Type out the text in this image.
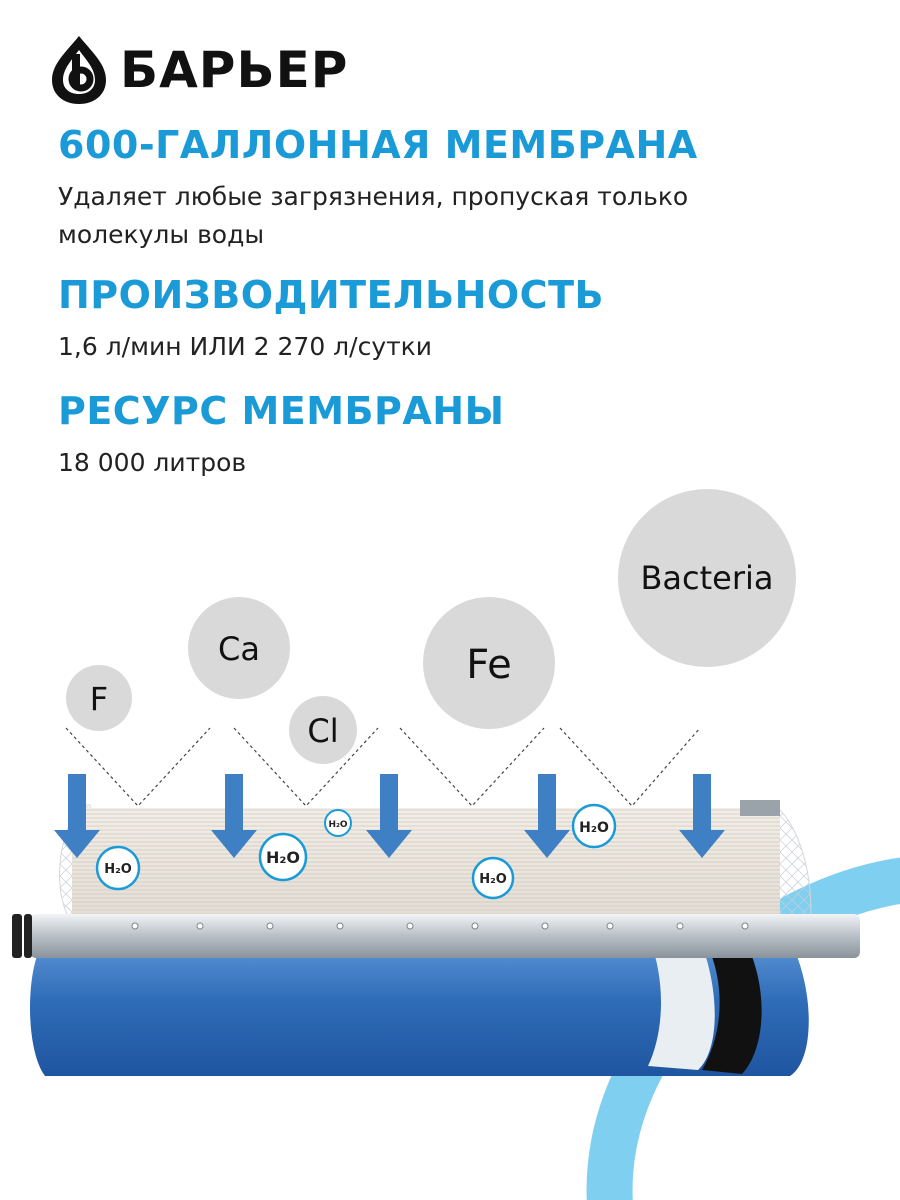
БАРЬЕР
600-ГАЛЛОННАЯ МЕМБРАНА

Удаляет любые загрязнения, пропуская только молекулы воды

ПРОИЗВОДИТЕЛЬНОСТЬ

1,6 л/мин ИЛИ 2 270 л/сутки

РЕСУРС МЕМБРАНЫ

18 000 литров

F
Ca
Cl
Fe
Bacteria
H₂O
H₂O
H₂O
H₂O
H₂O
